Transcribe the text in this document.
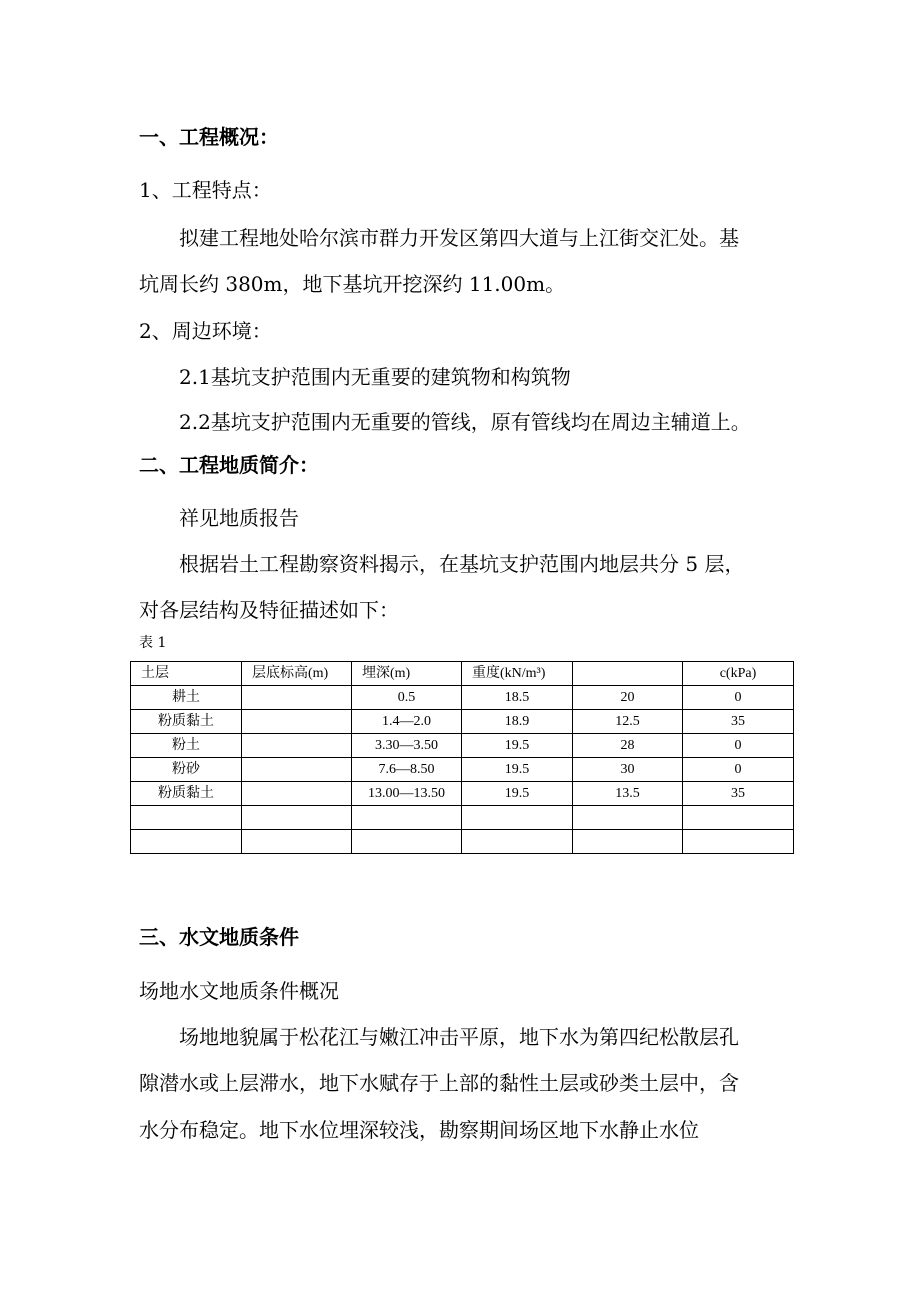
一、工程概况：
1、工程特点：
拟建工程地处哈尔滨市群力开发区第四大道与上江街交汇处。基
坑周长约 380m，地下基坑开挖深约 11.00m。
2、周边环境：
2.1基坑支护范围内无重要的建筑物和构筑物
2.2基坑支护范围内无重要的管线，原有管线均在周边主辅道上。
二、工程地质简介：
祥见地质报告
根据岩土工程勘察资料揭示，在基坑支护范围内地层共分 5 层，
对各层结构及特征描述如下：
表 1
土层	层底标高(m)	埋深(m)	重度(kN/m³)		c(kPa)
耕土		0.5	18.5	20	0
粉质黏土		1.4—2.0	18.9	12.5	35
粉土		3.30—3.50	19.5	28	0
粉砂		7.6—8.50	19.5	30	0
粉质黏土		13.00—13.50	19.5	13.5	35

三、水文地质条件
场地水文地质条件概况
场地地貌属于松花江与嫩江冲击平原，地下水为第四纪松散层孔
隙潜水或上层滞水，地下水赋存于上部的黏性土层或砂类土层中，含
水分布稳定。地下水位埋深较浅，勘察期间场区地下水静止水位
